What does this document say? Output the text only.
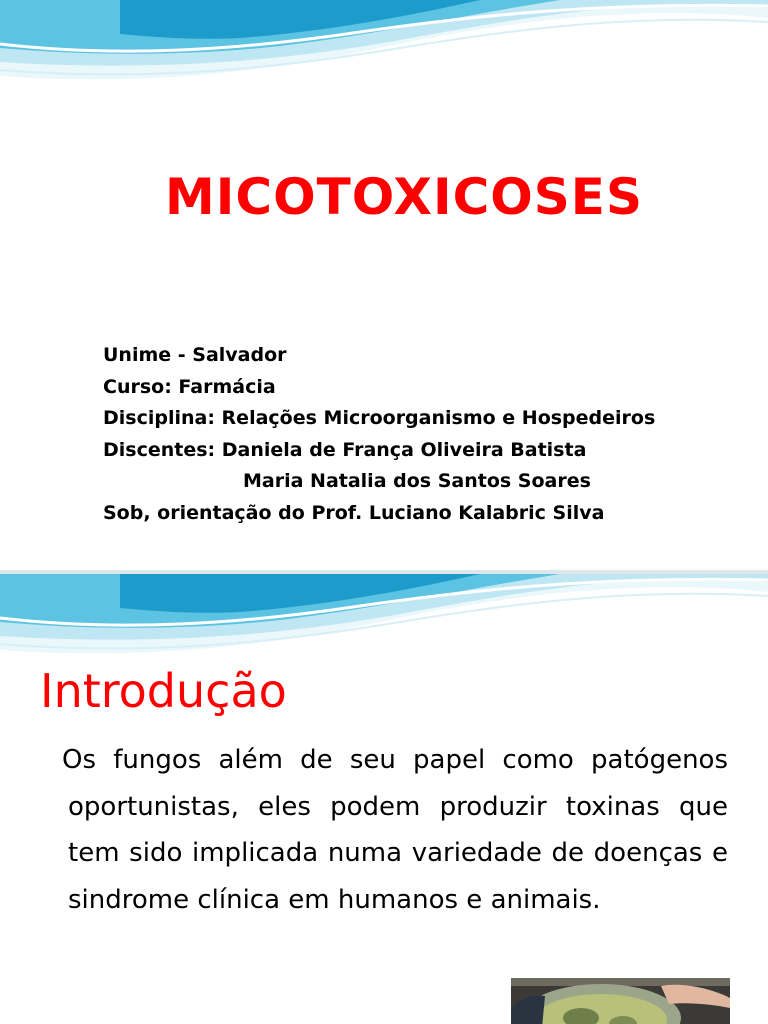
MICOTOXICOSES
Unime - Salvador
Curso: Farmácia
Disciplina: Relações Microorganismo e Hospedeiros
Discentes: Daniela de França Oliveira Batista
Maria Natalia dos Santos Soares
Sob, orientação do Prof. Luciano Kalabric Silva
Introdução

Os fungos além de seu papel como patógenos oportunistas, eles podem produzir toxinas que tem sido implicada numa variedade de doenças e sindrome clínica em humanos e animais.
